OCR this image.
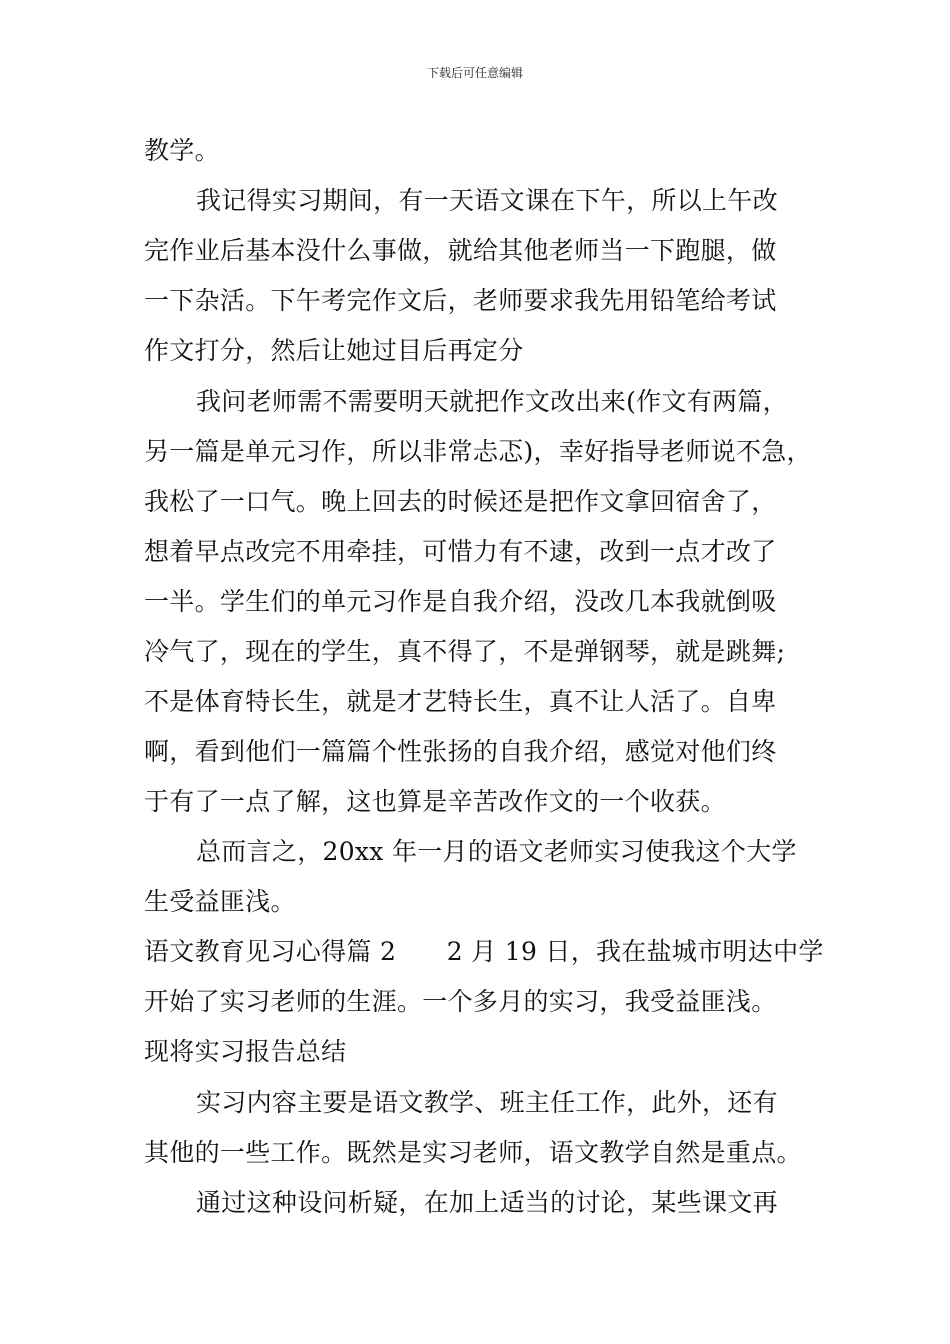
下载后可任意编辑
教学。
我记得实习期间，有一天语文课在下午，所以上午改
完作业后基本没什么事做，就给其他老师当一下跑腿，做
一下杂活。下午考完作文后，老师要求我先用铅笔给考试
作文打分，然后让她过目后再定分
我问老师需不需要明天就把作文改出来(作文有两篇，
另一篇是单元习作，所以非常忐忑)，幸好指导老师说不急，
我松了一口气。晚上回去的时候还是把作文拿回宿舍了，
想着早点改完不用牵挂，可惜力有不逮，改到一点才改了
一半。学生们的单元习作是自我介绍，没改几本我就倒吸
冷气了，现在的学生，真不得了，不是弹钢琴，就是跳舞;
不是体育特长生，就是才艺特长生，真不让人活了。自卑
啊，看到他们一篇篇个性张扬的自我介绍，感觉对他们终
于有了一点了解，这也算是辛苦改作文的一个收获。
总而言之，20xx 年一月的语文老师实习使我这个大学
生受益匪浅。
语文教育见习心得篇 2　　2 月 19 日，我在盐城市明达中学
开始了实习老师的生涯。一个多月的实习，我受益匪浅。
现将实习报告总结
实习内容主要是语文教学、班主任工作，此外，还有
其他的一些工作。既然是实习老师，语文教学自然是重点。
通过这种设问析疑，在加上适当的讨论，某些课文再
